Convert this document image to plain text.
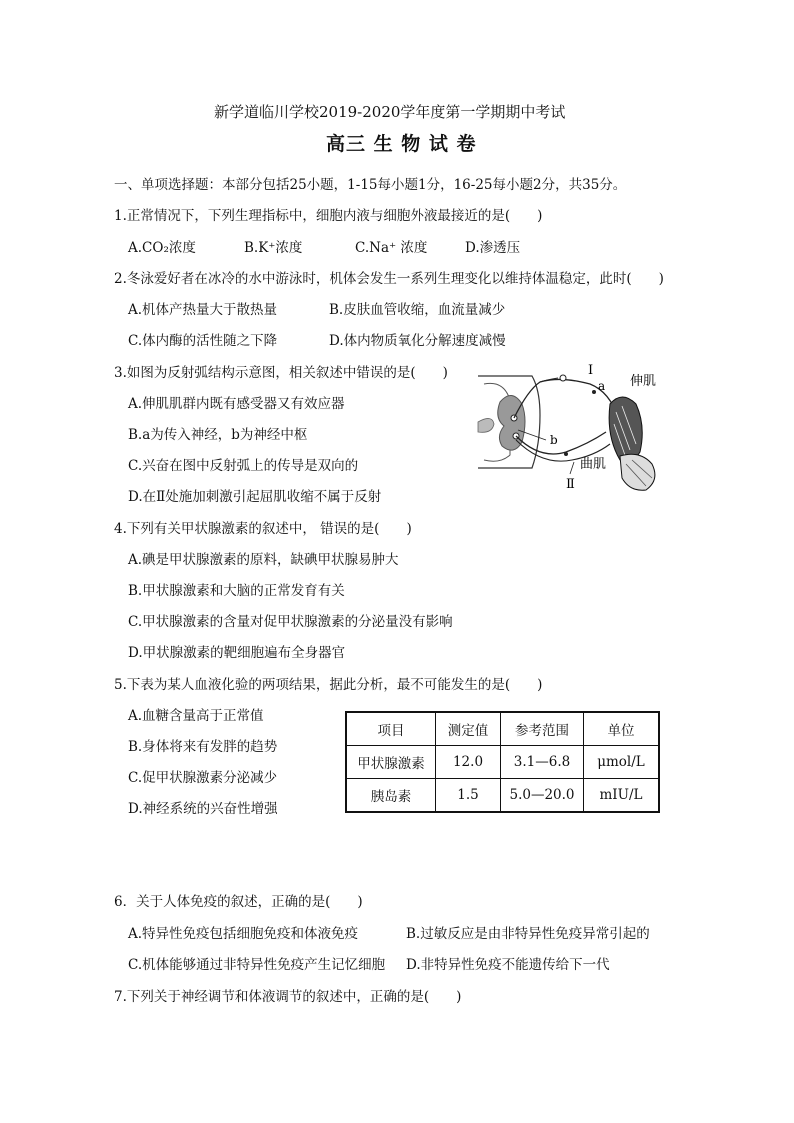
新学道临川学校2019-2020学年度第一学期期中考试
高三 生 物 试 卷
一、单项选择题：本部分包括25小题，1-15每小题1分，16-25每小题2分，共35分。
1.正常情况下，下列生理指标中，细胞内液与细胞外液最接近的是(　　)
A.CO₂浓度	B.K⁺浓度	C.Na⁺ 浓度	D.渗透压
2.冬泳爱好者在冰冷的水中游泳时，机体会发生一系列生理变化以维持体温稳定，此时(　　)
A.机体产热量大于散热量	B.皮肤血管收缩，血流量减少
C.体内酶的活性随之下降	D.体内物质氧化分解速度减慢
3.如图为反射弧结构示意图，相关叙述中错误的是(　　)
A.伸肌肌群内既有感受器又有效应器
B.a为传入神经，b为神经中枢
C.兴奋在图中反射弧上的传导是双向的
D.在Ⅱ处施加刺激引起屈肌收缩不属于反射
Ⅰ
a
b
伸肌
曲肌
Ⅱ
4.下列有关甲状腺激素的叙述中， 错误的是(　　)
A.碘是甲状腺激素的原料，缺碘甲状腺易肿大
B.甲状腺激素和大脑的正常发育有关
C.甲状腺激素的含量对促甲状腺激素的分泌量没有影响
D.甲状腺激素的靶细胞遍布全身器官
5.下表为某人血液化验的两项结果，据此分析，最不可能发生的是(　　)
A.血糖含量高于正常值
B.身体将来有发胖的趋势
C.促甲状腺激素分泌减少
D.神经系统的兴奋性增强
项目	测定值	参考范围	单位
甲状腺激素	12.0	3.1—6.8	μmol/L
胰岛素	1.5	5.0—20.0	mIU/L
6．关于人体免疫的叙述，正确的是(　　)
A.特异性免疫包括细胞免疫和体液免疫	B.过敏反应是由非特异性免疫异常引起的
C.机体能够通过非特异性免疫产生记忆细胞 D.非特异性免疫不能遗传给下一代
7.下列关于神经调节和体液调节的叙述中，正确的是(　　)
